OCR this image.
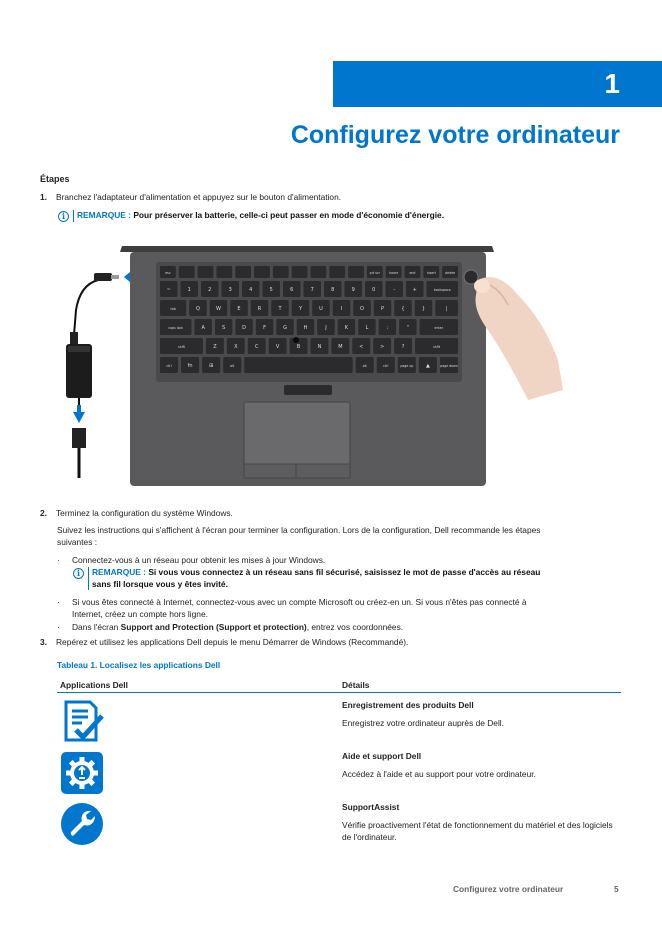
1
Configurez votre ordinateur
Étapes
1. Branchez l'adaptateur d'alimentation et appuyez sur le bouton d'alimentation.
i	REMARQUE : Pour préserver la batterie, celle-ci peut passer en mode d'économie d'énergie.
esc	prt scr	home	end	insert	delete
~	1	2	3	4	5	6	7	8	9	0	-	+	backspace
tab	Q	W	E	R	T	Y	U	I	O	P	{	}	|
caps lock	A	S	D	F	G	H	J	K	L	:	"	enter
shift	Z	X	C	V	B	N	M	<	>	?	shift
ctrl	fn	⊞	alt	alt	ctrl	page up	▲	page down
2. Terminez la configuration du système Windows.
Suivez les instructions qui s'affichent à l'écran pour terminer la configuration. Lors de la configuration, Dell recommande les étapes
suivantes :
Connectez-vous à un réseau pour obtenir les mises à jour Windows.
i	REMARQUE : Si vous vous connectez à un réseau sans fil sécurisé, saisissez le mot de passe d'accès au réseau
sans fil lorsque vous y êtes invité.
Si vous êtes connecté à Internet, connectez-vous avec un compte Microsoft ou créez-en un. Si vous n'êtes pas connecté à
Internet, créez un compte hors ligne.
Dans l'écran Support and Protection (Support et protection), entrez vos coordonnées.
3. Repérez et utilisez les applications Dell depuis le menu Démarrer de Windows (Recommandé).
Tableau 1. Localisez les applications Dell
Applications Dell	Détails
Enregistrement des produits Dell
Enregistrez votre ordinateur auprès de Dell.
Aide et support Dell
Accédez à l'aide et au support pour votre ordinateur.
SupportAssist
Vérifie proactivement l'état de fonctionnement du matériel et des logiciels de l'ordinateur.
Configurez votre ordinateur	5
